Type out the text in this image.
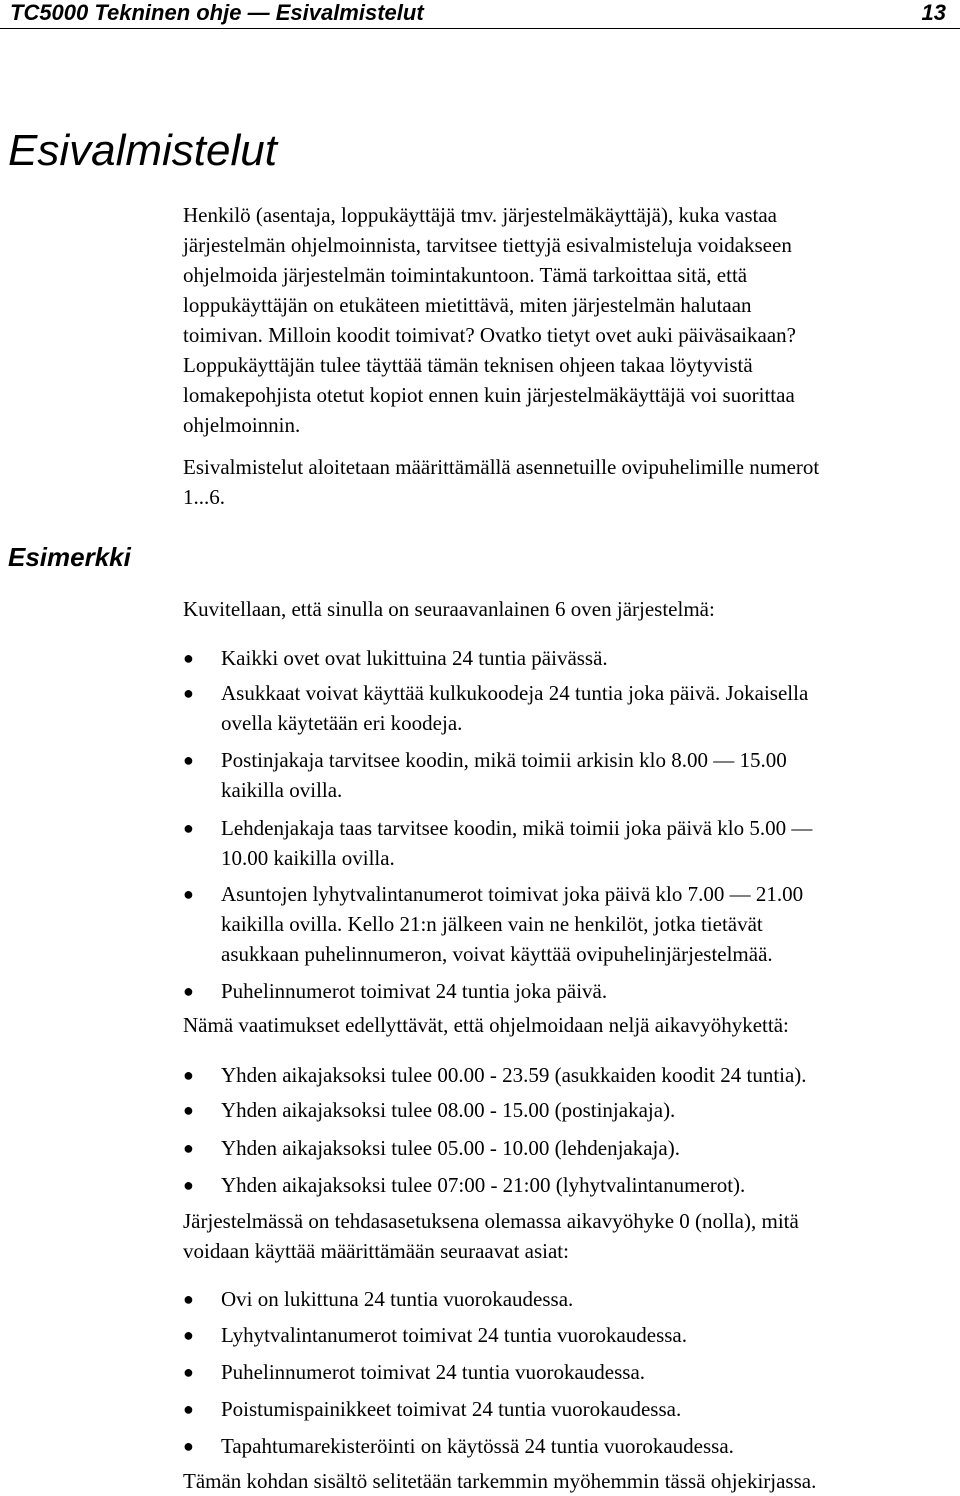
TC5000 Tekninen ohje — Esivalmistelut	13
Esivalmistelut
Esimerkki
Henkilö (asentaja, loppukäyttäjä tmv. järjestelmäkäyttäjä), kuka vastaa
järjestelmän ohjelmoinnista, tarvitsee tiettyjä esivalmisteluja voidakseen
ohjelmoida järjestelmän toimintakuntoon. Tämä tarkoittaa sitä, että
loppukäyttäjän on etukäteen mietittävä, miten järjestelmän halutaan
toimivan. Milloin koodit toimivat? Ovatko tietyt ovet auki päiväsaikaan?
Loppukäyttäjän tulee täyttää tämän teknisen ohjeen takaa löytyvistä
lomakepohjista otetut kopiot ennen kuin järjestelmäkäyttäjä voi suorittaa
ohjelmoinnin.
Esivalmistelut aloitetaan määrittämällä asennetuille ovipuhelimille numerot
1...6.
Kuvitellaan, että sinulla on seuraavanlainen 6 oven järjestelmä:
● Kaikki ovet ovat lukittuina 24 tuntia päivässä.
● Asukkaat voivat käyttää kulkukoodeja 24 tuntia joka päivä. Jokaisella
ovella käytetään eri koodeja.
● Postinjakaja tarvitsee koodin, mikä toimii arkisin klo 8.00 — 15.00
kaikilla ovilla.
● Lehdenjakaja taas tarvitsee koodin, mikä toimii joka päivä klo 5.00 —
10.00 kaikilla ovilla.
● Asuntojen lyhytvalintanumerot toimivat joka päivä klo 7.00 — 21.00
kaikilla ovilla. Kello 21:n jälkeen vain ne henkilöt, jotka tietävät
asukkaan puhelinnumeron, voivat käyttää ovipuhelinjärjestelmää.
● Puhelinnumerot toimivat 24 tuntia joka päivä.
Nämä vaatimukset edellyttävät, että ohjelmoidaan neljä aikavyöhykettä:
● Yhden aikajaksoksi tulee 00.00 - 23.59 (asukkaiden koodit 24 tuntia).
● Yhden aikajaksoksi tulee 08.00 - 15.00 (postinjakaja).
● Yhden aikajaksoksi tulee 05.00 - 10.00 (lehdenjakaja).
● Yhden aikajaksoksi tulee 07:00 - 21:00 (lyhytvalintanumerot).
Järjestelmässä on tehdasasetuksena olemassa aikavyöhyke 0 (nolla), mitä
voidaan käyttää määrittämään seuraavat asiat:
● Ovi on lukittuna 24 tuntia vuorokaudessa.
● Lyhytvalintanumerot toimivat 24 tuntia vuorokaudessa.
● Puhelinnumerot toimivat 24 tuntia vuorokaudessa.
● Poistumispainikkeet toimivat 24 tuntia vuorokaudessa.
● Tapahtumarekisteröinti on käytössä 24 tuntia vuorokaudessa.
Tämän kohdan sisältö selitetään tarkemmin myöhemmin tässä ohjekirjassa.
